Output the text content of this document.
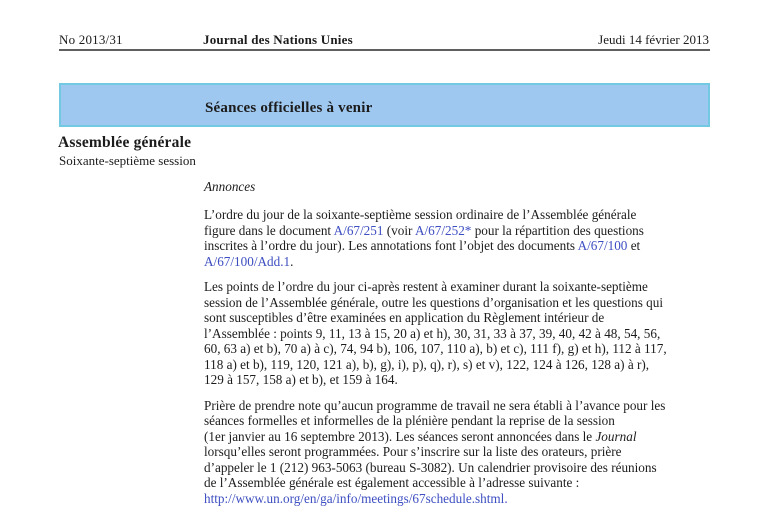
No 2013/31	Journal des Nations Unies	Jeudi 14 février 2013
Séances officielles à venir
Assemblée générale
Soixante-septième session
Annonces
L’ordre du jour de la soixante-septième session ordinaire de l’Assemblée générale
figure dans le document A/67/251 (voir A/67/252* pour la répartition des questions
inscrites à l’ordre du jour). Les annotations font l’objet des documents A/67/100 et
A/67/100/Add.1.
Les points de l’ordre du jour ci-après restent à examiner durant la soixante-septième
session de l’Assemblée générale, outre les questions d’organisation et les questions qui
sont susceptibles d’être examinées en application du Règlement intérieur de
l’Assemblée : points 9, 11, 13 à 15, 20 a) et h), 30, 31, 33 à 37, 39, 40, 42 à 48, 54, 56,
60, 63 a) et b), 70 a) à c), 74, 94 b), 106, 107, 110 a), b) et c), 111 f), g) et h), 112 à 117,
118 a) et b), 119, 120, 121 a), b), g), i), p), q), r), s) et v), 122, 124 à 126, 128 a) à r),
129 à 157, 158 a) et b), et 159 à 164.
Prière de prendre note qu’aucun programme de travail ne sera établi à l’avance pour les
séances formelles et informelles de la plénière pendant la reprise de la session
(1er janvier au 16 septembre 2013). Les séances seront annoncées dans le Journal
lorsqu’elles seront programmées. Pour s’inscrire sur la liste des orateurs, prière
d’appeler le 1 (212) 963-5063 (bureau S-3082). Un calendrier provisoire des réunions
de l’Assemblée générale est également accessible à l’adresse suivante :
http://www.un.org/en/ga/info/meetings/67schedule.shtml.
